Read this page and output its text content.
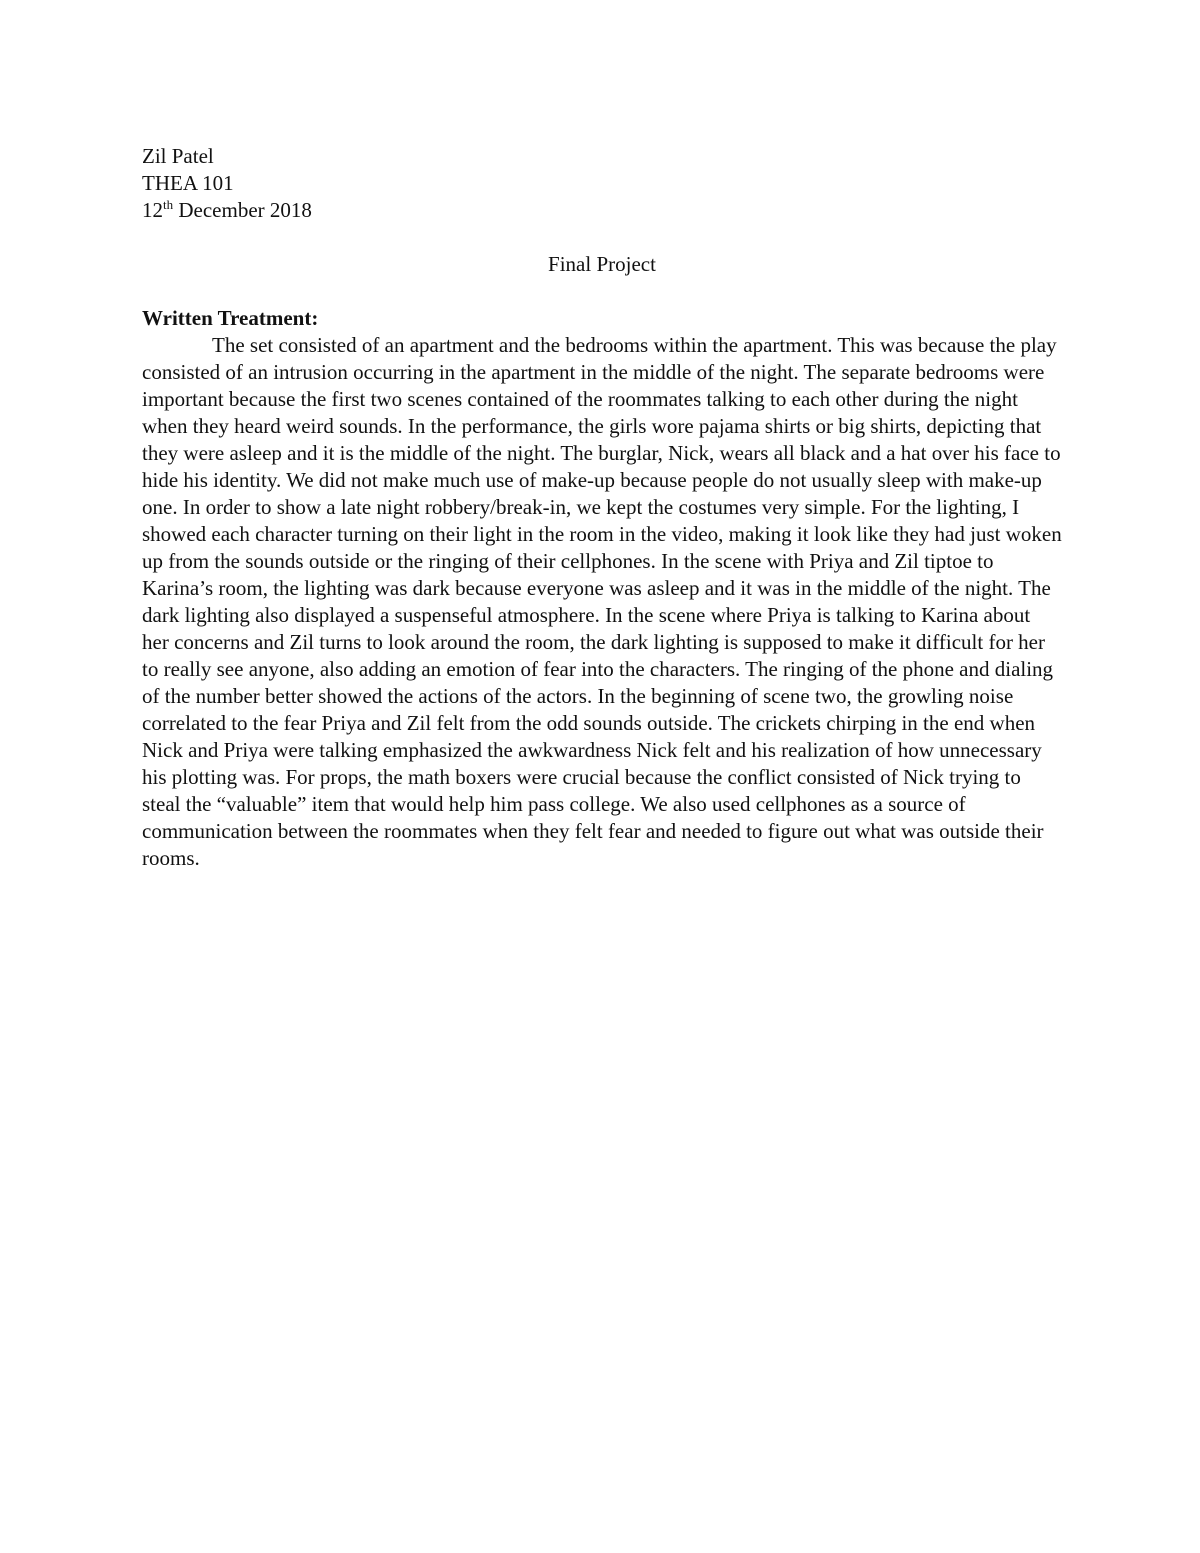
Zil Patel
THEA 101
12th December 2018
Final Project
Written Treatment:

The set consisted of an apartment and the bedrooms within the apartment. This was because the play consisted of an intrusion occurring in the apartment in the middle of the night. The separate bedrooms were important because the first two scenes contained of the roommates talking to each other during the night when they heard weird sounds. In the performance, the girls wore pajama shirts or big shirts, depicting that they were asleep and it is the middle of the night. The burglar, Nick, wears all black and a hat over his face to hide his identity. We did not make much use of make-up because people do not usually sleep with make-up one. In order to show a late night robbery/break-in, we kept the costumes very simple. For the lighting, I showed each character turning on their light in the room in the video, making it look like they had just woken up from the sounds outside or the ringing of their cellphones. In the scene with Priya and Zil tiptoe to Karina’s room, the lighting was dark because everyone was asleep and it was in the middle of the night. The dark lighting also displayed a suspenseful atmosphere. In the scene where Priya is talking to Karina about her concerns and Zil turns to look around the room, the dark lighting is supposed to make it difficult for her to really see anyone, also adding an emotion of fear into the characters. The ringing of the phone and dialing of the number better showed the actions of the actors. In the beginning of scene two, the growling noise correlated to the fear Priya and Zil felt from the odd sounds outside. The crickets chirping in the end when Nick and Priya were talking emphasized the awkwardness Nick felt and his realization of how unnecessary his plotting was. For props, the math boxers were crucial because the conflict consisted of Nick trying to steal the “valuable” item that would help him pass college. We also used cellphones as a source of communication between the roommates when they felt fear and needed to figure out what was outside their rooms.
